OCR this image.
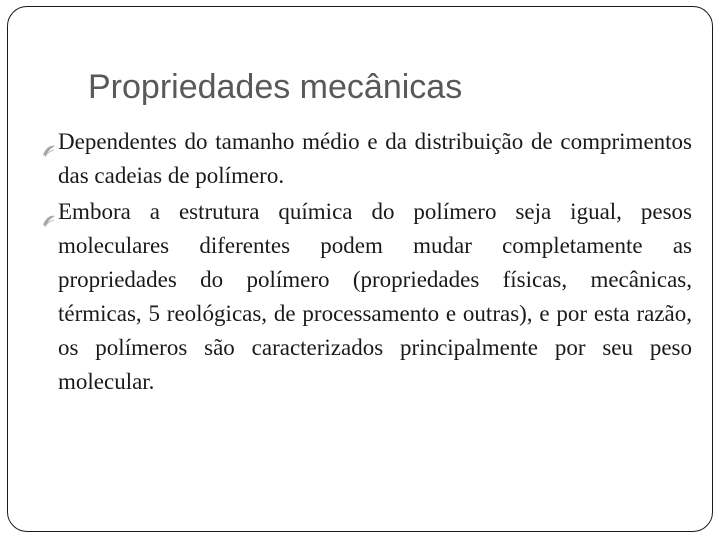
Propriedades mecânicas
Dependentes do tamanho médio e da distribuição de comprimentos das cadeias de polímero.
Embora a estrutura química do polímero seja igual, pesos moleculares diferentes podem mudar completamente as propriedades do polímero (propriedades físicas, mecânicas, térmicas, 5 reológicas, de processamento e outras), e por esta razão, os polímeros são caracterizados principalmente por seu peso molecular.
